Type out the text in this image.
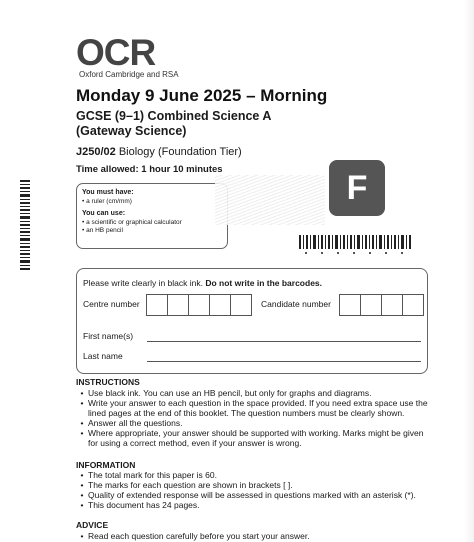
OCR
Oxford Cambridge and RSA
Monday 9 June 2025 – Morning
GCSE (9–1) Combined Science A
(Gateway Science)
J250/02 Biology (Foundation Tier)
Time allowed: 1 hour 10 minutes
You must have:
• a ruler (cm/mm)
You can use:
• a scientific or graphical calculator
• an HB pencil
F
Please write clearly in black ink. Do not write in the barcodes.
Centre number	Candidate number
First name(s)
Last name
INSTRUCTIONS
• Use black ink. You can use an HB pencil, but only for graphs and diagrams.
• Write your answer to each question in the space provided. If you need extra space use the lined pages at the end of this booklet. The question numbers must be clearly shown.
• Answer all the questions.
• Where appropriate, your answer should be supported with working. Marks might be given for using a correct method, even if your answer is wrong.
INFORMATION
• The total mark for this paper is 60.
• The marks for each question are shown in brackets [ ].
• Quality of extended response will be assessed in questions marked with an asterisk (*).
• This document has 24 pages.
ADVICE
• Read each question carefully before you start your answer.
